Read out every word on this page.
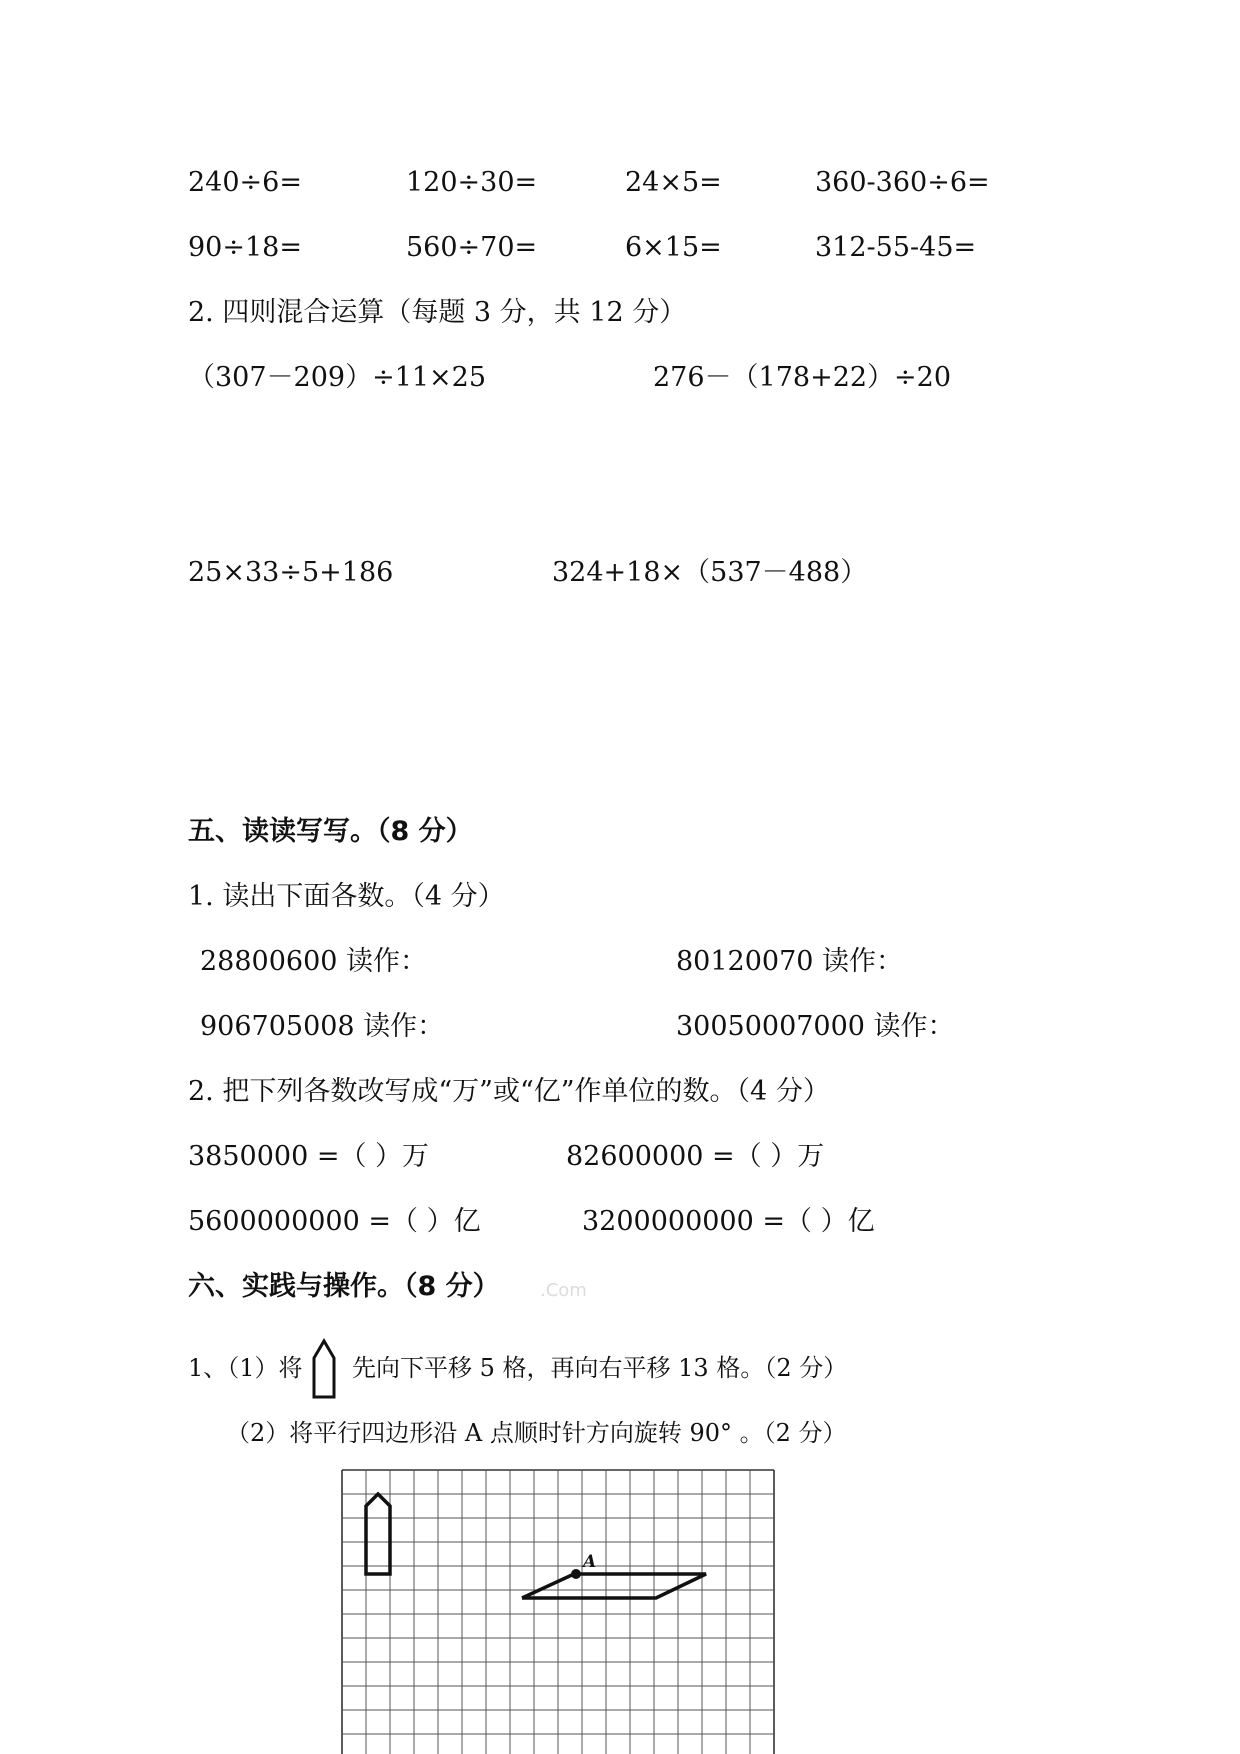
240÷6=	120÷30=	24×5=	360-360÷6=
90÷18=	560÷70=	6×15=	312-55-45=
2. 四则混合运算（每题 3 分，共 12 分）
（307－209）÷11×25	276－（178+22）÷20
25×33÷5+186	324+18×（537－488）
五、读读写写。（8 分）
1. 读出下面各数。（4 分）
28800600 读作：	80120070 读作：
906705008 读作：	30050007000 读作：
2. 把下列各数改写成“万”或“亿”作单位的数。（4 分）
3850000 =（ ）万	82600000 =（ ）万
5600000000 =（ ）亿	3200000000 =（ ）亿
六、实践与操作。（8 分） .Com
1、（1）将 先向下平移 5 格，再向右平移 13 格。（2 分）
（2）将平行四边形沿 A 点顺时针方向旋转 90° 。（2 分）
A
